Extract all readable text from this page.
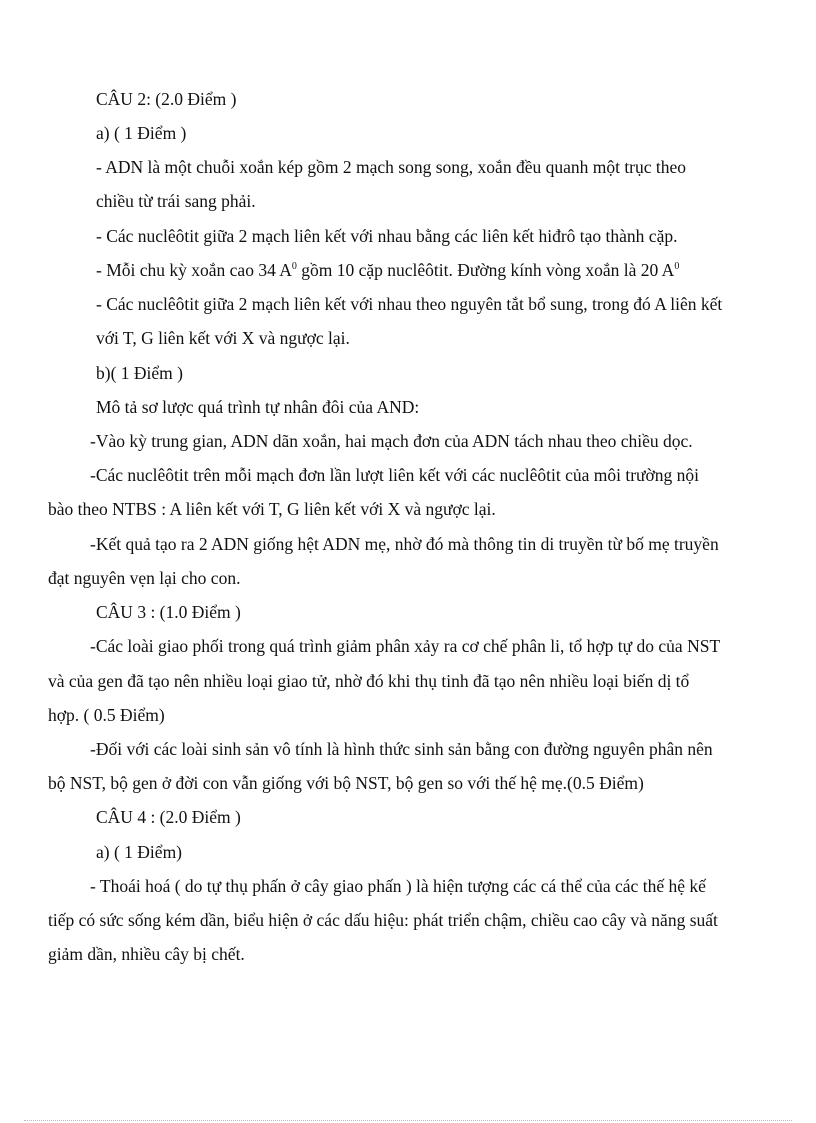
CÂU 2: (2.0 Điểm )
a) ( 1 Điểm )
- ADN là một chuỗi xoắn kép gồm 2 mạch song song, xoắn đều quanh một trục theo
chiều từ trái sang phải.
- Các nuclêôtit giữa 2 mạch liên kết với nhau bằng các liên kết hiđrô tạo thành cặp.
- Mỗi chu kỳ xoắn cao 34 $A^0$ gồm 10 cặp nuclêôtit. Đường kính vòng xoắn là 20 $A^0$
- Các nuclêôtit giữa 2 mạch liên kết với nhau theo nguyên tắt bổ sung, trong đó A liên kết
với T, G liên kết với X và ngược lại.
b)( 1 Điểm )
Mô tả sơ lược quá trình tự nhân đôi của AND:
-Vào kỳ trung gian, ADN dãn xoắn, hai mạch đơn của ADN tách nhau theo chiều dọc.
-Các nuclêôtit trên mỗi mạch đơn lần lượt liên kết với các nuclêôtit của môi trường nội
bào theo NTBS : A liên kết với T, G liên kết với X và ngược lại.
-Kết quả tạo ra 2 ADN giống hệt ADN mẹ, nhờ đó mà thông tin di truyền từ bố mẹ truyền
đạt nguyên vẹn lại cho con.
CÂU 3 : (1.0 Điểm )
-Các loài giao phối trong quá trình giảm phân xảy ra cơ chế phân li, tổ hợp tự do của NST
và của gen đã tạo nên nhiều loại giao tử, nhờ đó khi thụ tinh đã tạo nên nhiều loại biến dị tổ
hợp. ( 0.5 Điểm)
-Đối với các loài sinh sản vô tính là hình thức sinh sản bằng con đường nguyên phân nên
bộ NST, bộ gen ở đời con vẫn giống với bộ NST, bộ gen so với thế hệ mẹ.(0.5 Điểm)
CÂU 4 : (2.0 Điểm )
a) ( 1 Điểm)
- Thoái hoá ( do tự thụ phấn ở cây giao phấn ) là hiện tượng các cá thể của các thế hệ kế
tiếp có sức sống kém dần, biểu hiện ở các dấu hiệu: phát triển chậm, chiều cao cây và năng suất
giảm dần, nhiều cây bị chết.
